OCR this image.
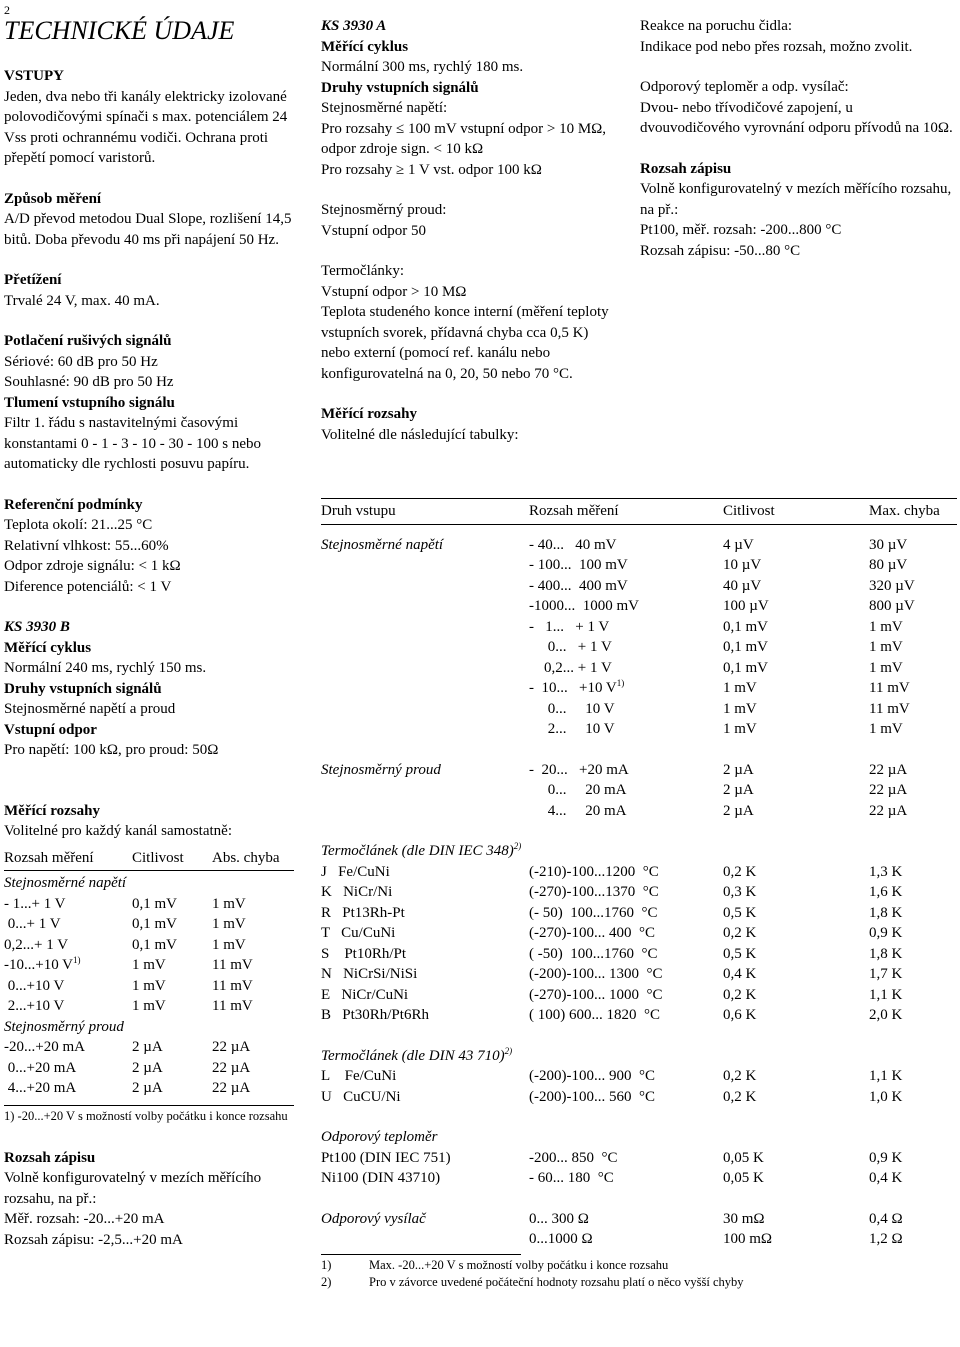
2
TECHNICKÉ ÚDAJE
VSTUPY
Jeden, dva nebo tři kanály elektricky izolované polovodičovými spínači s max. potenciálem 24 Vss proti ochrannému vodiči. Ochrana proti přepětí pomocí varistorů.
Způsob měření
A/D převod metodou Dual Slope, rozlišení 14,5 bitů. Doba převodu 40 ms při napájení 50 Hz.
Přetížení
Trvalé 24 V, max. 40 mA.
Potlačení rušivých signálů
Sériové: 60 dB pro 50 Hz
Souhlasné: 90 dB pro 50 Hz
Tlumení vstupního signálu
Filtr 1. řádu s nastavitelnými časovými konstantami 0 - 1 - 3 - 10 - 30 - 100 s nebo automaticky dle rychlosti posuvu papíru.
Referenční podmínky
Teplota okolí: 21...25 °C
Relativní vlhkost: 55...60%
Odpor zdroje signálu: < 1 kΩ
Diference potenciálů: < 1 V
KS 3930 B
Měřící cyklus
Normální 240 ms, rychlý 150 ms.
Druhy vstupních signálů
Stejnosměrné napětí a proud
Vstupní odpor
Pro napětí: 100 kΩ, pro proud: 50Ω
Měřící rozsahy
Volitelné pro každý kanál samostatně:
Rozsah měření	Citlivost	Abs. chyba
Stejnosměrné napětí		
- 1...+ 1 V	0,1 mV	1 mV
0...+ 1 V	0,1 mV	1 mV
0,2...+ 1 V	0,1 mV	1 mV
-10...+10 $V^{1)}$	1 mV	11 mV
0...+10 V	1 mV	11 mV
2...+10 V	1 mV	11 mV
Stejnosměrný proud		
-20...+20 mA	2 µA	22 µA
0...+20 mA	2 µA	22 µA
4...+20 mA	2 µA	22 µA
1) -20...+20 V s možností volby počátku i konce rozsahu
Rozsah zápisu
Volně konfigurovatelný v mezích měřícího rozsahu, na př.:
Měř. rozsah: -20...+20 mA
Rozsah zápisu: -2,5...+20 mA
KS 3930 A
Měřící cyklus
Normální 300 ms, rychlý 180 ms.
Druhy vstupních signálů
Stejnosměrné napětí:
Pro rozsahy ≤ 100 mV vstupní odpor > 10 MΩ, odpor zdroje sign. < 10 kΩ
Pro rozsahy ≥ 1 V vst. odpor 100 kΩ
Stejnosměrný proud:
Vstupní odpor 50
Termočlánky:
Vstupní odpor > 10 MΩ
Teplota studeného konce interní (měření teploty vstupních svorek, přídavná chyba cca 0,5 K) nebo externí (pomocí ref. kanálu nebo konfigurovatelná na 0, 20, 50 nebo 70 °C.
Měřící rozsahy
Volitelné dle následující tabulky:
Reakce na poruchu čidla:
Indikace pod nebo přes rozsah, možno zvolit.
Odporový teploměr a odp. vysílač:
Dvou- nebo třívodičové zapojení, u dvouvodičového vyrovnání odporu přívodů na 10Ω.
Rozsah zápisu
Volně konfigurovatelný v mezích měřícího rozsahu, na př.:
Pt100, měř. rozsah: -200...800 °C
Rozsah zápisu: -50...80 °C
Druh vstupu	Rozsah měření	Citlivost	Max. chyba
Stejnosměrné napětí	- 40...   40 mV	4 µV	30 µV
	- 100...  100 mV	10 µV	80 µV
	- 400...  400 mV	40 µV	320 µV
	-1000...  1000 mV	100 µV	800 µV
	-   1...   + 1 V	0,1 mV	1 mV
	0...   + 1 V	0,1 mV	1 mV
	0,2... + 1 V	0,1 mV	1 mV
	-  10...   +10 $V^{1)}$	1 mV	11 mV
	0...     10 V	1 mV	11 mV
	2...     10 V	1 mV	1 mV
Stejnosměrný proud	-  20...   +20 mA	2 µA	22 µA
	0...     20 mA	2 µA	22 µA
	4...     20 mA	2 µA	22 µA
Termočlánek (dle DIN IEC 348)$^{2)}$
J   Fe/CuNi	(-210)-100...1200  °C	0,2 K	1,3 K
K   NiCr/Ni	(-270)-100...1370  °C	0,3 K	1,6 K
R   Pt13Rh-Pt	(- 50)  100...1760  °C	0,5 K	1,8 K
T   Cu/CuNi	(-270)-100... 400  °C	0,2 K	0,9 K
S    Pt10Rh/Pt	( -50)  100...1760  °C	0,5 K	1,8 K
N   NiCrSi/NiSi	(-200)-100... 1300  °C	0,4 K	1,7 K
E   NiCr/CuNi	(-270)-100... 1000  °C	0,2 K	1,1 K
B   Pt30Rh/Pt6Rh	( 100) 600... 1820  °C	0,6 K	2,0 K
Termočlánek (dle DIN 43 710)$^{2)}$
L    Fe/CuNi	(-200)-100... 900  °C	0,2 K	1,1 K
U   CuCU/Ni	(-200)-100... 560  °C	0,2 K	1,0 K
Odporový teploměr			
Pt100 (DIN IEC 751)	-200... 850  °C	0,05 K	0,9 K
Ni100 (DIN 43710)	- 60... 180  °C	0,05 K	0,4 K
Odporový vysílač	0... 300 Ω	30 mΩ	0,4 Ω
	0...1000 Ω	100 mΩ	1,2 Ω
1)	Max. -20...+20 V s možností volby počátku i konce rozsahu
2)	Pro v závorce uvedené počáteční hodnoty rozsahu platí o něco vyšší chyby
